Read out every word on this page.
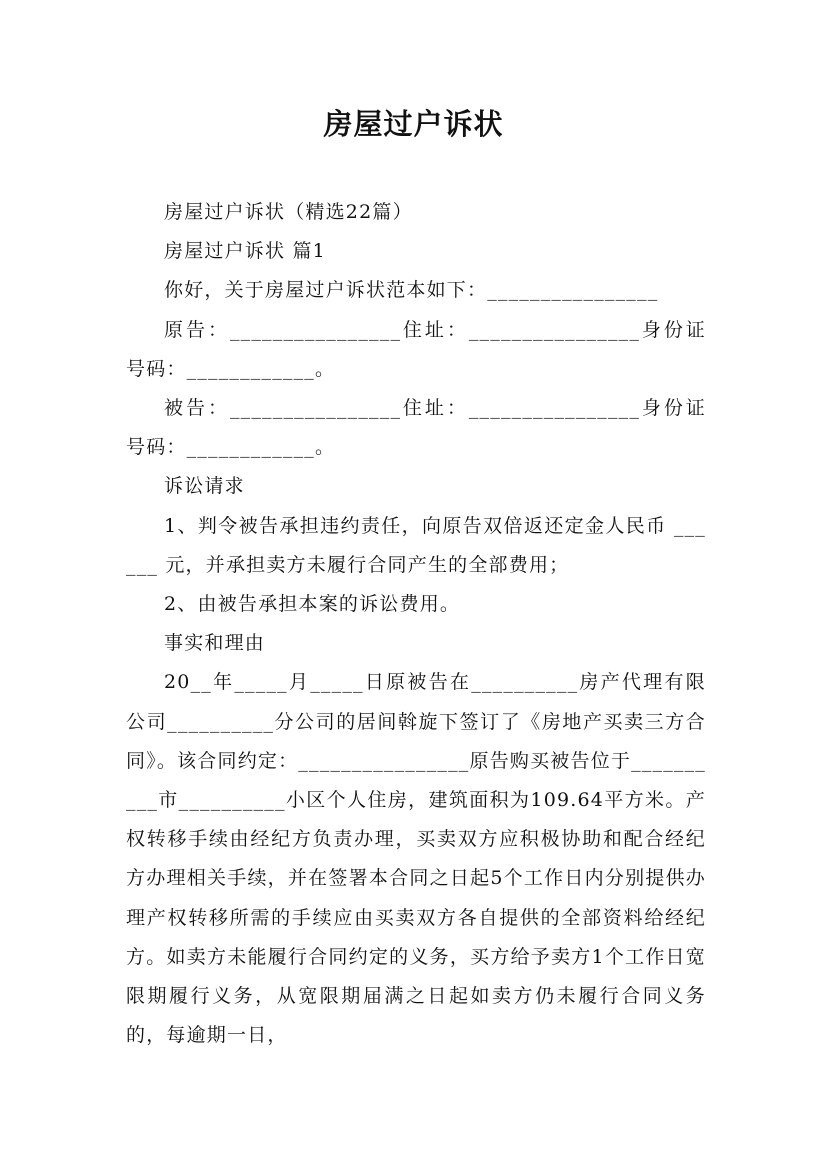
房屋过户诉状

房屋过户诉状（精选22篇）

房屋过户诉状 篇1

你好，关于房屋过户诉状范本如下：________________

原告：________________住址：________________身份证号码：____________。

被告：________________住址：________________身份证号码：____________。

诉讼请求

1、判令被告承担违约责任，向原告双倍返还定金人民币 ______ 元，并承担卖方未履行合同产生的全部费用；

2、由被告承担本案的诉讼费用。

事实和理由

20__年_____月_____日原被告在__________房产代理有限公司__________分公司的居间斡旋下签订了《房地产买卖三方合同》。该合同约定：________________原告购买被告位于__________市__________小区个人住房，建筑面积为109.64平方米。产权转移手续由经纪方负责办理，买卖双方应积极协助和配合经纪方办理相关手续，并在签署本合同之日起5个工作日内分别提供办理产权转移所需的手续应由买卖双方各自提供的全部资料给经纪方。如卖方未能履行合同约定的义务，买方给予卖方1个工作日宽限期履行义务，从宽限期届满之日起如卖方仍未履行合同义务的，每逾期一日，
